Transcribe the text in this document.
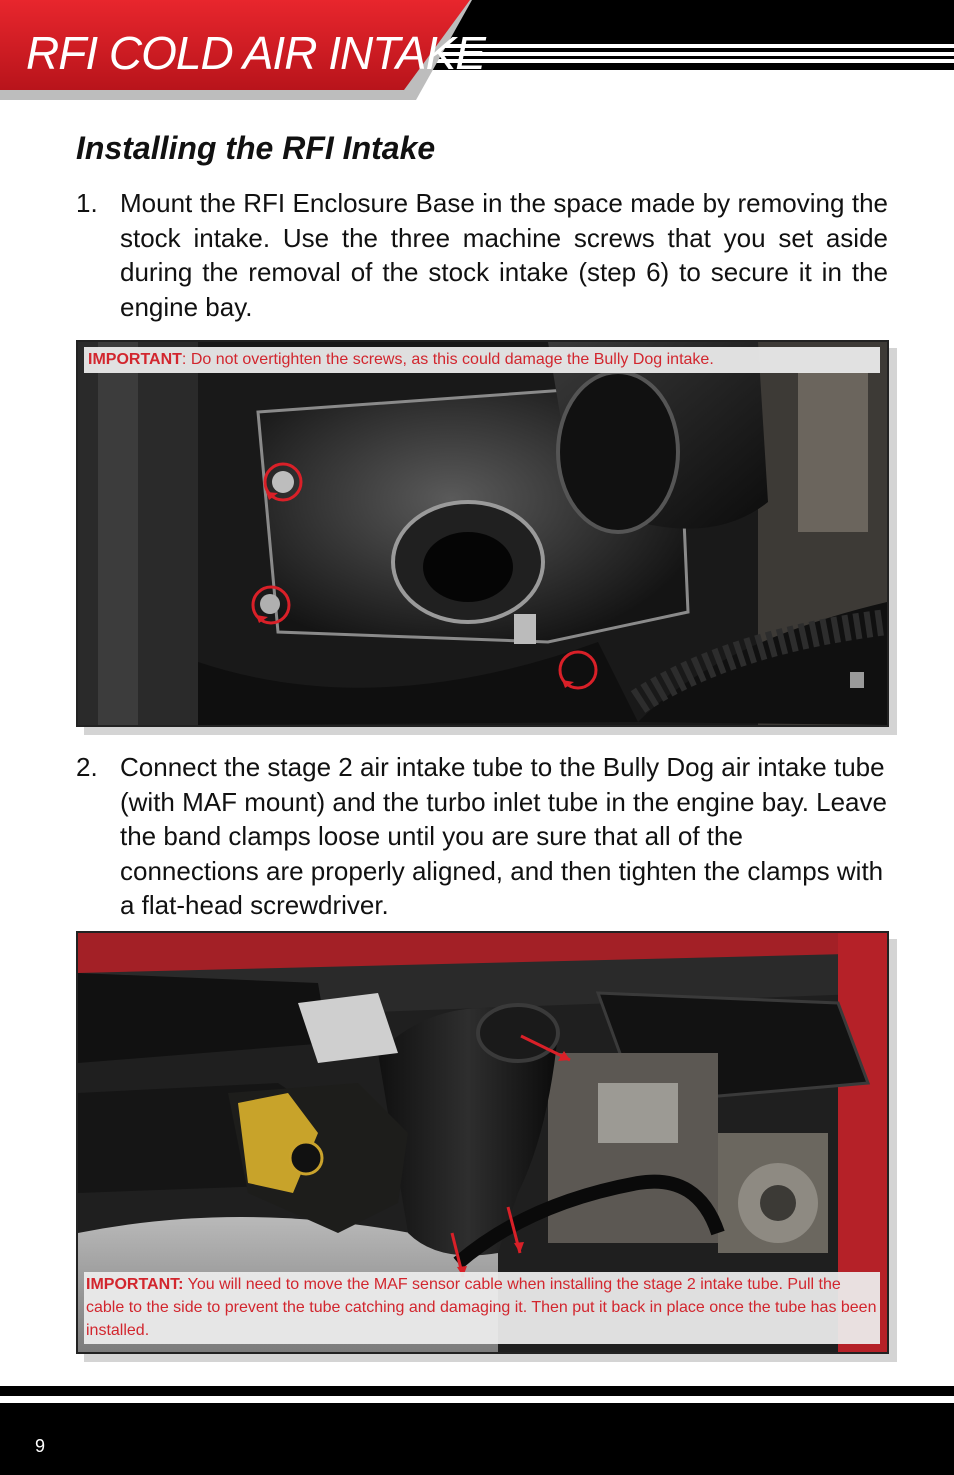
RFI COLD AIR INTAKE
Installing the RFI Intake
1. Mount the RFI Enclosure Base in the space made by removing the stock intake. Use the three machine screws that you set aside during the removal of the stock intake (step 6) to secure it in the engine bay.
IMPORTANT: Do not overtighten the screws, as this could damage the Bully Dog intake.
2. Connect the stage 2 air intake tube to the Bully Dog air intake tube (with MAF mount) and the turbo inlet tube in the engine bay. Leave the band clamps loose until you are sure that all of the connections are properly aligned, and then tighten the clamps with a flat-head screwdriver.
IMPORTANT: You will need to move the MAF sensor cable when installing the stage 2 intake tube. Pull the cable to the side to prevent the tube catching and damaging it. Then put it back in place once the tube has been installed.
9
